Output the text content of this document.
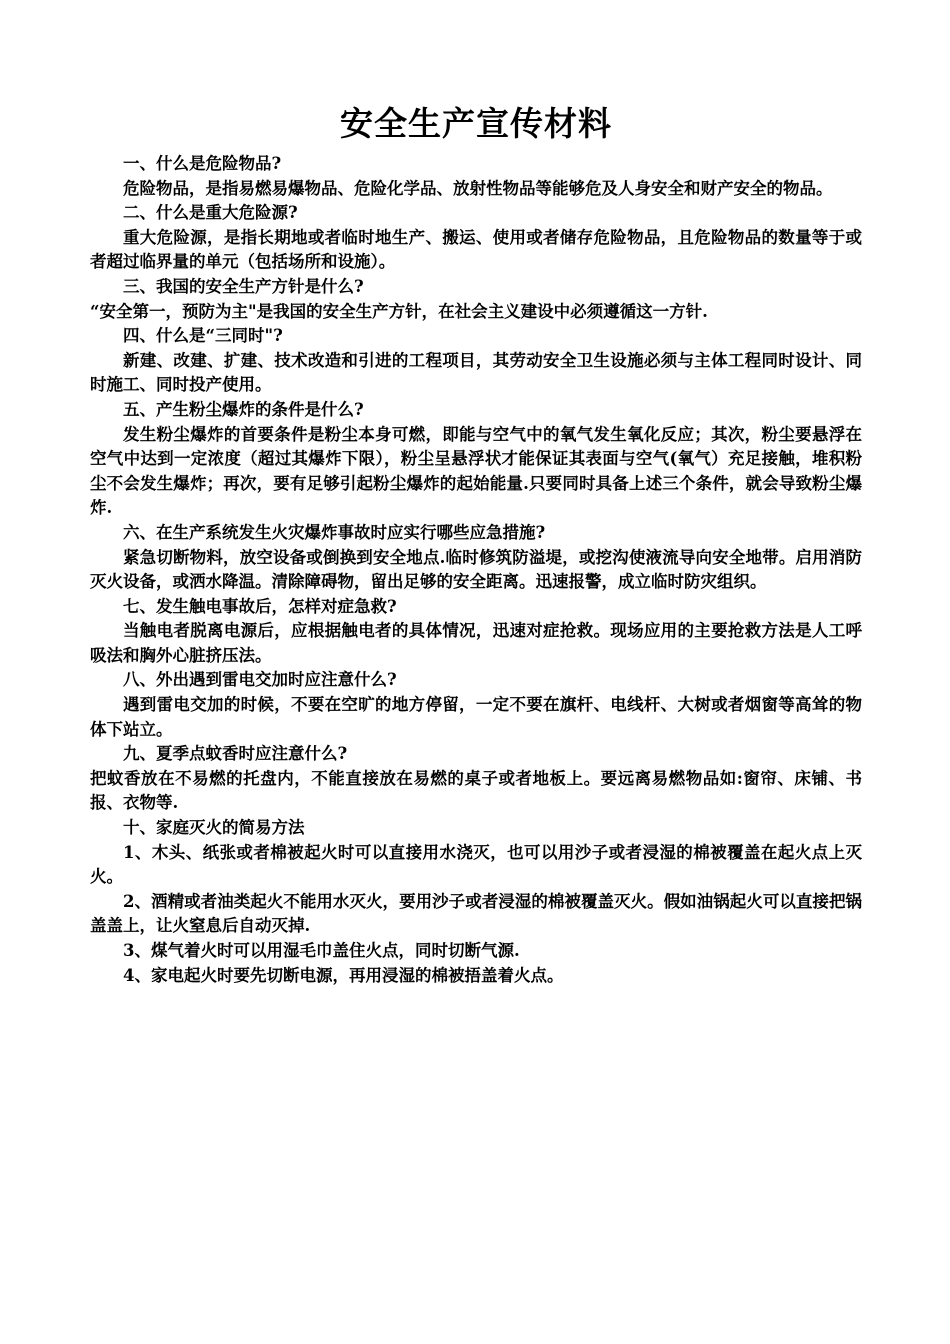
安全生产宣传材料

一、什么是危险物品?

危险物品，是指易燃易爆物品、危险化学品、放射性物品等能够危及人身安全和财产安全的物品。

二、什么是重大危险源?

重大危险源，是指长期地或者临时地生产、搬运、使用或者储存危险物品，且危险物品的数量等于或者超过临界量的单元（包括场所和设施）。

三、我国的安全生产方针是什么?

“安全第一，预防为主"是我国的安全生产方针，在社会主义建设中必须遵循这一方针.

四、什么是“三同时"?

新建、改建、扩建、技术改造和引进的工程项目，其劳动安全卫生设施必须与主体工程同时设计、同时施工、同时投产使用。

五、产生粉尘爆炸的条件是什么?

发生粉尘爆炸的首要条件是粉尘本身可燃，即能与空气中的氧气发生氧化反应；其次，粉尘要悬浮在空气中达到一定浓度（超过其爆炸下限），粉尘呈悬浮状才能保证其表面与空气(氧气）充足接触，堆积粉尘不会发生爆炸；再次，要有足够引起粉尘爆炸的起始能量.只要同时具备上述三个条件，就会导致粉尘爆炸.

六、在生产系统发生火灾爆炸事故时应实行哪些应急措施?

紧急切断物料，放空设备或倒换到安全地点.临时修筑防溢堤，或挖沟使液流导向安全地带。启用消防灭火设备，或洒水降温。清除障碍物，留出足够的安全距离。迅速报警，成立临时防灾组织。

七、发生触电事故后，怎样对症急救?

当触电者脱离电源后，应根据触电者的具体情况，迅速对症抢救。现场应用的主要抢救方法是人工呼吸法和胸外心脏挤压法。

八、外出遇到雷电交加时应注意什么?

遇到雷电交加的时候，不要在空旷的地方停留，一定不要在旗杆、电线杆、大树或者烟窗等高耸的物体下站立。

九、夏季点蚊香时应注意什么?

把蚊香放在不易燃的托盘内，不能直接放在易燃的桌子或者地板上。要远离易燃物品如:窗帘、床铺、书报、衣物等.

十、家庭灭火的简易方法

1、木头、纸张或者棉被起火时可以直接用水浇灭，也可以用沙子或者浸湿的棉被覆盖在起火点上灭火。

2、酒精或者油类起火不能用水灭火，要用沙子或者浸湿的棉被覆盖灭火。假如油锅起火可以直接把锅盖盖上，让火窒息后自动灭掉.

3、煤气着火时可以用湿毛巾盖住火点，同时切断气源.

4、家电起火时要先切断电源，再用浸湿的棉被捂盖着火点。
